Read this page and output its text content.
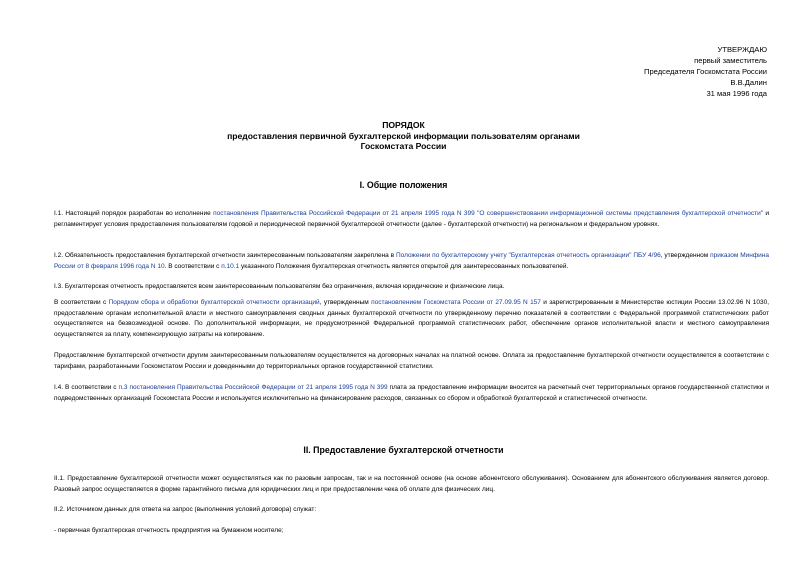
УТВЕРЖДАЮ
первый заместитель
Председателя Госкомстата России
В.В.Далин
31 мая 1996 года
ПОРЯДОК
предоставления первичной бухгалтерской информации пользователям органами
Госкомстата России
I. Общие положения
I.1. Настоящий порядок разработан во исполнение постановления Правительства Российской Федерации от 21 апреля 1995 года N 399 "О совершенствовании информационной системы представления бухгалтерской отчетности" и регламентирует условия предоставления пользователям годовой и периодической первичной бухгалтерской отчетности (далее - бухгалтерской отчетности) на региональном и федеральном уровнях.
I.2. Обязательность предоставления бухгалтерской отчетности заинтересованным пользователям закреплена в Положении по бухгалтерскому учету "Бухгалтерская отчетность организации" ПБУ 4/96, утвержденном приказом Минфина России от 8 февраля 1996 года N 10. В соответствии с п.10.1 указанного Положения бухгалтерская отчетность является открытой для заинтересованных пользователей.
I.3. Бухгалтерская отчетность предоставляется всем заинтересованным пользователям без ограничения, включая юридические и физические лица.
В соответствии с Порядком сбора и обработки бухгалтерской отчетности организаций, утвержденным постановлением Госкомстата России от 27.09.95 N 157 и зарегистрированным в Министерстве юстиции России 13.02.96 N 1030, предоставление органам исполнительной власти и местного самоуправления сводных данных бухгалтерской отчетности по утвержденному перечню показателей в соответствии с Федеральной программой статистических работ осуществляется на безвозмездной основе. По дополнительной информации, не предусмотренной Федеральной программой статистических работ, обеспечение органов исполнительной власти и местного самоуправления осуществляется за плату, компенсирующую затраты на копирование.
Предоставление бухгалтерской отчетности другим заинтересованным пользователям осуществляется на договорных началах на платной основе. Оплата за предоставление бухгалтерской отчетности осуществляется в соответствии с тарифами, разработанными Госкомстатом России и доведенными до территориальных органов государственной статистики.
I.4. В соответствии с п.3 постановления Правительства Российской Федерации от 21 апреля 1995 года N 399 плата за предоставление информации вносится на расчетный счет территориальных органов государственной статистики и подведомственных организаций Госкомстата России и используется исключительно на финансирование расходов, связанных со сбором и обработкой бухгалтерской и статистической отчетности.
II. Предоставление бухгалтерской отчетности
II.1. Предоставление бухгалтерской отчетности может осуществляться как по разовым запросам, так и на постоянной основе (на основе абонентского обслуживания). Основанием для абонентского обслуживания является договор. Разовый запрос осуществляется в форме гарантийного письма для юридических лиц и при предоставлении чека об оплате для физических лиц.
II.2. Источником данных для ответа на запрос (выполнения условий договора) служат:
- первичная бухгалтерская отчетность предприятия на бумажном носителе;
